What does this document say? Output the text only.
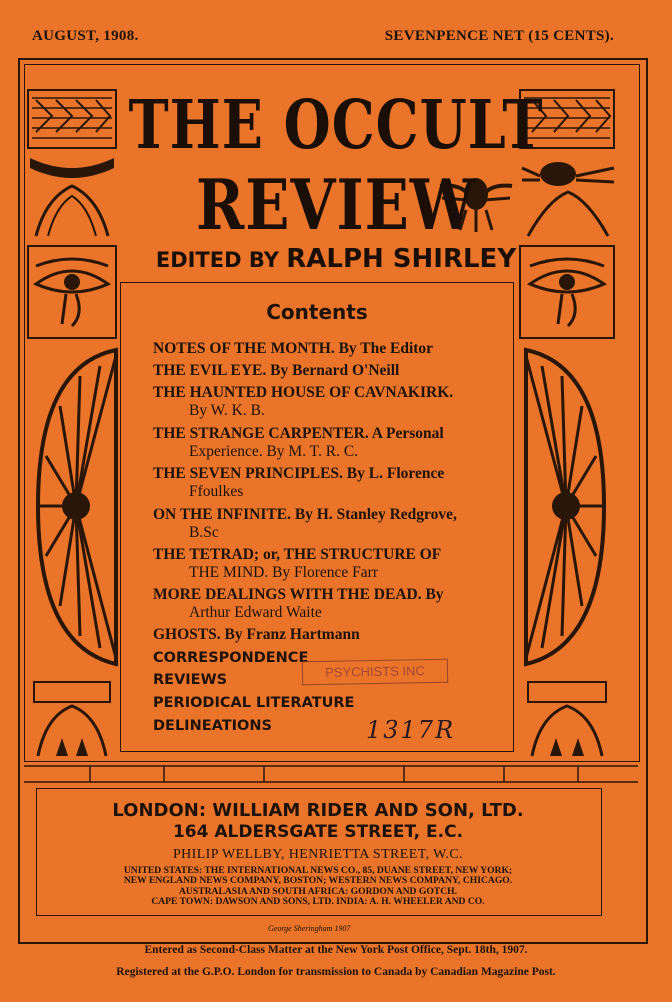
AUGUST, 1908.	SEVENPENCE NET (15 CENTS).
THE OCCULT
REVIEW
EDITED BY RALPH SHIRLEY
Contents
NOTES OF THE MONTH. By The Editor
THE EVIL EYE. By Bernard O'Neill
THE HAUNTED HOUSE OF CAVNAKIRK.
By W. K. B.
THE STRANGE CARPENTER. A Personal
Experience. By M. T. R. C.
THE SEVEN PRINCIPLES. By L. Florence
Ffoulkes
ON THE INFINITE. By H. Stanley Redgrove,
B.Sc
THE TETRAD; or, THE STRUCTURE OF
THE MIND. By Florence Farr
MORE DEALINGS WITH THE DEAD. By
Arthur Edward Waite
GHOSTS. By Franz Hartmann
CORRESPONDENCE
REVIEWS
PERIODICAL LITERATURE
DELINEATIONS
PSYCHISTS INC
1317R
LONDON: WILLIAM RIDER AND SON, LTD.
164 ALDERSGATE STREET, E.C.
PHILIP WELLBY, HENRIETTA STREET, W.C.
UNITED STATES: THE INTERNATIONAL NEWS CO., 85, DUANE STREET, NEW YORK;
NEW ENGLAND NEWS COMPANY, BOSTON; WESTERN NEWS COMPANY, CHICAGO.
AUSTRALASIA AND SOUTH AFRICA: GORDON AND GOTCH.
CAPE TOWN: DAWSON AND SONS, LTD. INDIA: A. H. WHEELER AND CO.
George Sheringham 1907
Entered as Second-Class Matter at the New York Post Office, Sept. 18th, 1907.
Registered at the G.P.O. London for transmission to Canada by Canadian Magazine Post.
